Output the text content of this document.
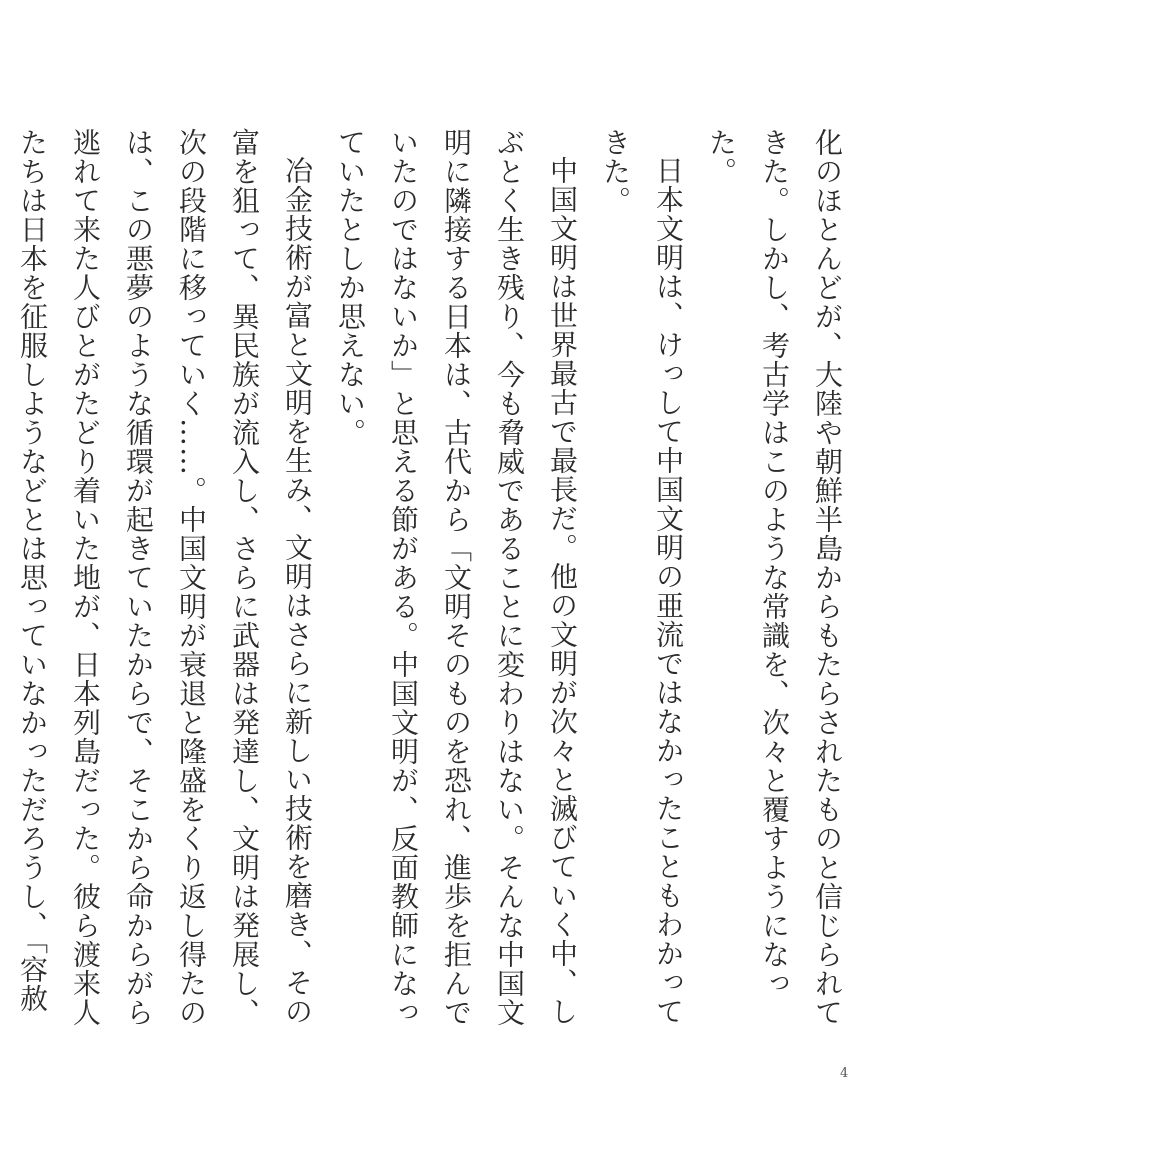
化のほとんどが、大陸や朝鮮半島からもたらされたものと信じられてきた。しかし、考古学はこのような常識を、次々と覆すようになった。

日本文明は、けっして中国文明の亜流ではなかったこともわかってきた。

中国文明は世界最古で最長だ。他の文明が次々と滅びていく中、しぶとく生き残り、今も脅威であることに変わりはない。そんな中国文明に隣接する日本は、古代から「文明そのものを恐れ、進歩を拒んでいたのではないか」と思える節がある。中国文明が、反面教師になっていたとしか思えない。

冶金技術が富と文明を生み、文明はさらに新しい技術を磨き、その富を狙って、異民族が流入し、さらに武器は発達し、文明は発展し、次の段階に移っていく……。中国文明が衰退と隆盛をくり返し得たのは、この悪夢のような循環が起きていたからで、そこから命からがら逃れて来た人びとがたどり着いた地が、日本列島だった。彼ら渡来人たちは日本を征服しようなどとは思っていなかっただろうし、「容赦

4
